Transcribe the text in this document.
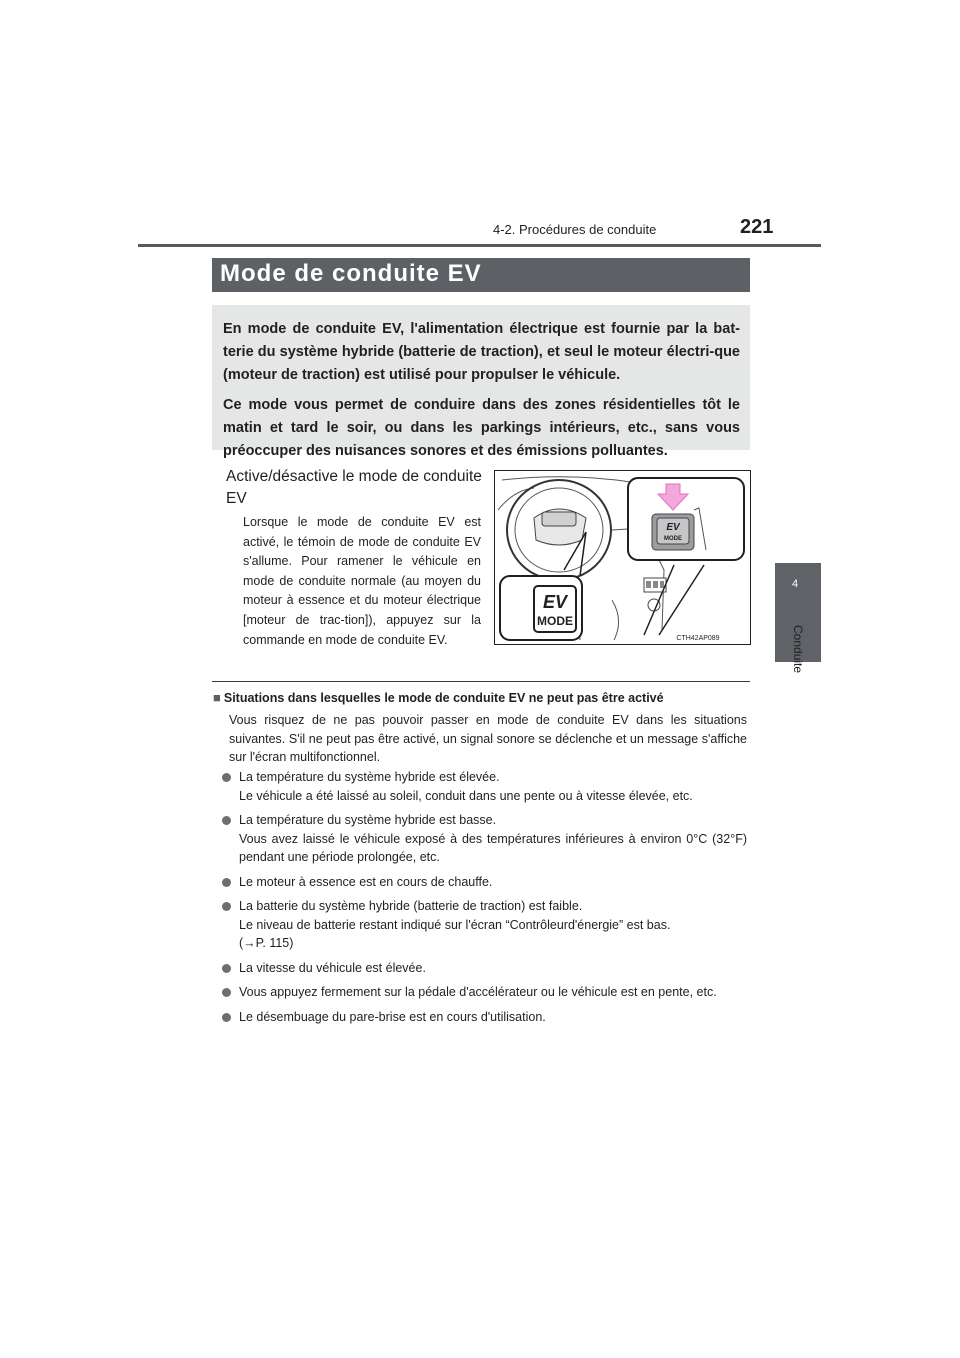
221
4-2. Procédures de conduite
4
Conduite
Mode de conduite EV

En mode de conduite EV, l'alimentation électrique est fournie par la bat-terie du système hybride (batterie de traction), et seul le moteur électri-que (moteur de traction) est utilisé pour propulser le véhicule.

Ce mode vous permet de conduire dans des zones résidentielles tôt le matin et tard le soir, ou dans les parkings intérieurs, etc., sans vous préoccuper des nuisances sonores et des émissions polluantes.

Active/désactive le mode de conduite EV
Lorsque le mode de conduite EV est activé, le témoin de mode de conduite EV s'allume. Pour ramener le véhicule en mode de conduite normale (au moyen du moteur à essence et du moteur électrique [moteur de trac-tion]), appuyez sur la commande en mode de conduite EV.
EV
MODE
EV
MODE
CTH42AP089
■ Situations dans lesquelles le mode de conduite EV ne peut pas être activé
Vous risquez de ne pas pouvoir passer en mode de conduite EV dans les situations suivantes. S'il ne peut pas être activé, un signal sonore se déclenche et un message s'affiche sur l'écran multifonctionnel.
La température du système hybride est élevée.
Le véhicule a été laissé au soleil, conduit dans une pente ou à vitesse élevée, etc.
La température du système hybride est basse.
Vous avez laissé le véhicule exposé à des températures inférieures à environ 0°C (32°F) pendant une période prolongée, etc.
Le moteur à essence est en cours de chauffe.
La batterie du système hybride (batterie de traction) est faible.
Le niveau de batterie restant indiqué sur l'écran “Contrôleurd'énergie” est bas.
(→P. 115)
La vitesse du véhicule est élevée.
Vous appuyez fermement sur la pédale d'accélérateur ou le véhicule est en pente, etc.
Le désembuage du pare-brise est en cours d'utilisation.
